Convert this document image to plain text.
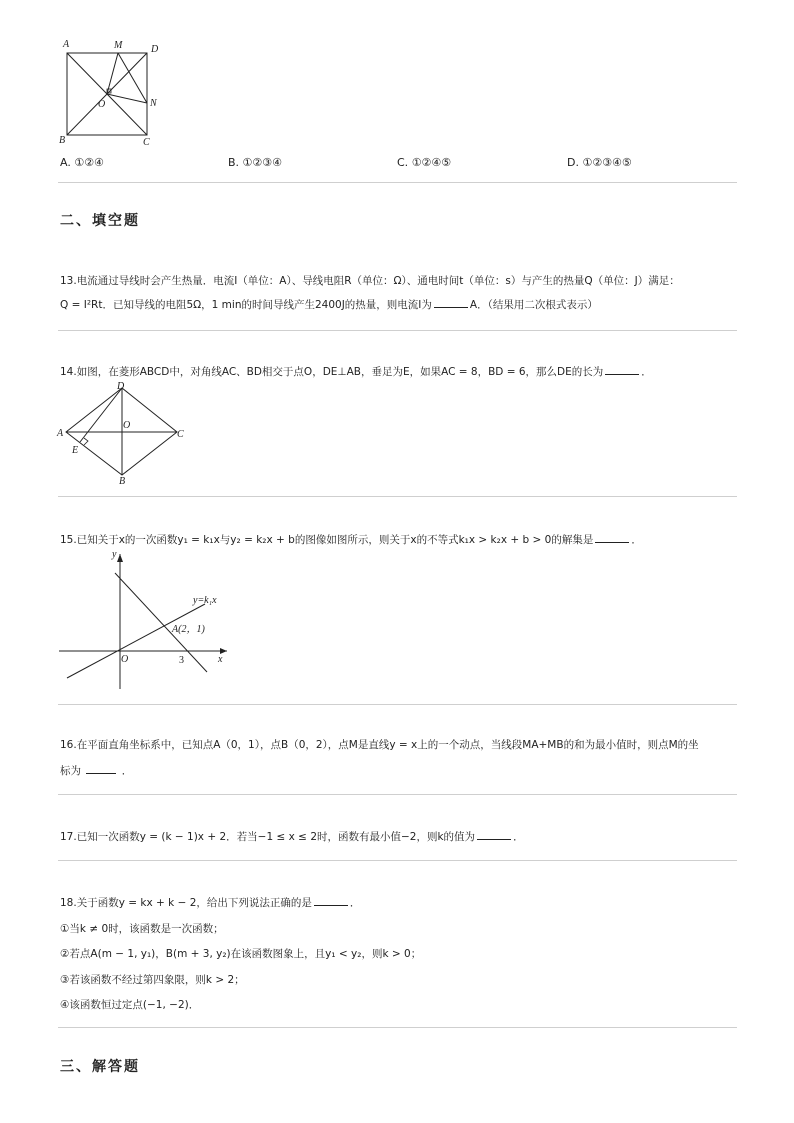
A	M	D
O	N
B	C
A. ①②④	B. ①②③④	C. ①②④⑤	D. ①②③④⑤
二、填空题
13.电流通过导线时会产生热量．电流I（单位：A）、导线电阻R（单位：Ω）、通电时间t（单位：s）与产生的热量Q（单位：J）满足：
Q = I²Rt．已知导线的电阻5Ω，1 min的时间导线产生2400J的热量，则电流I为	A．（结果用二次根式表示）
14.如图，在菱形ABCD中，对角线AC、BD相交于点O，DE⊥AB，垂足为E，如果AC = 8，BD = 6，那么DE的长为	．
D
A
O
C
E
B
15.已知关于x的一次函数y₁ = k₁x与y₂ = k₂x + b的图像如图所示，则关于x的不等式k₁x > k₂x + b > 0的解集是	．
y
x
O	3
y=k₁x
A(2，1)
16.在平面直角坐标系中，已知点A（0，1），点B（0，2），点M是直线y = x上的一个动点，当线段MA+MB的和为最小值时，则点M的坐
标为	．
17.已知一次函数y = (k − 1)x + 2．若当−1 ≤ x ≤ 2时，函数有最小值−2，则k的值为	．
18.关于函数y = kx + k − 2，给出下列说法正确的是	．
①当k ≠ 0时，该函数是一次函数；
②若点A(m − 1, y₁)，B(m + 3, y₂)在该函数图象上，且y₁ < y₂，则k > 0；
③若该函数不经过第四象限，则k > 2；
④该函数恒过定点(−1, −2)．
三、解答题
